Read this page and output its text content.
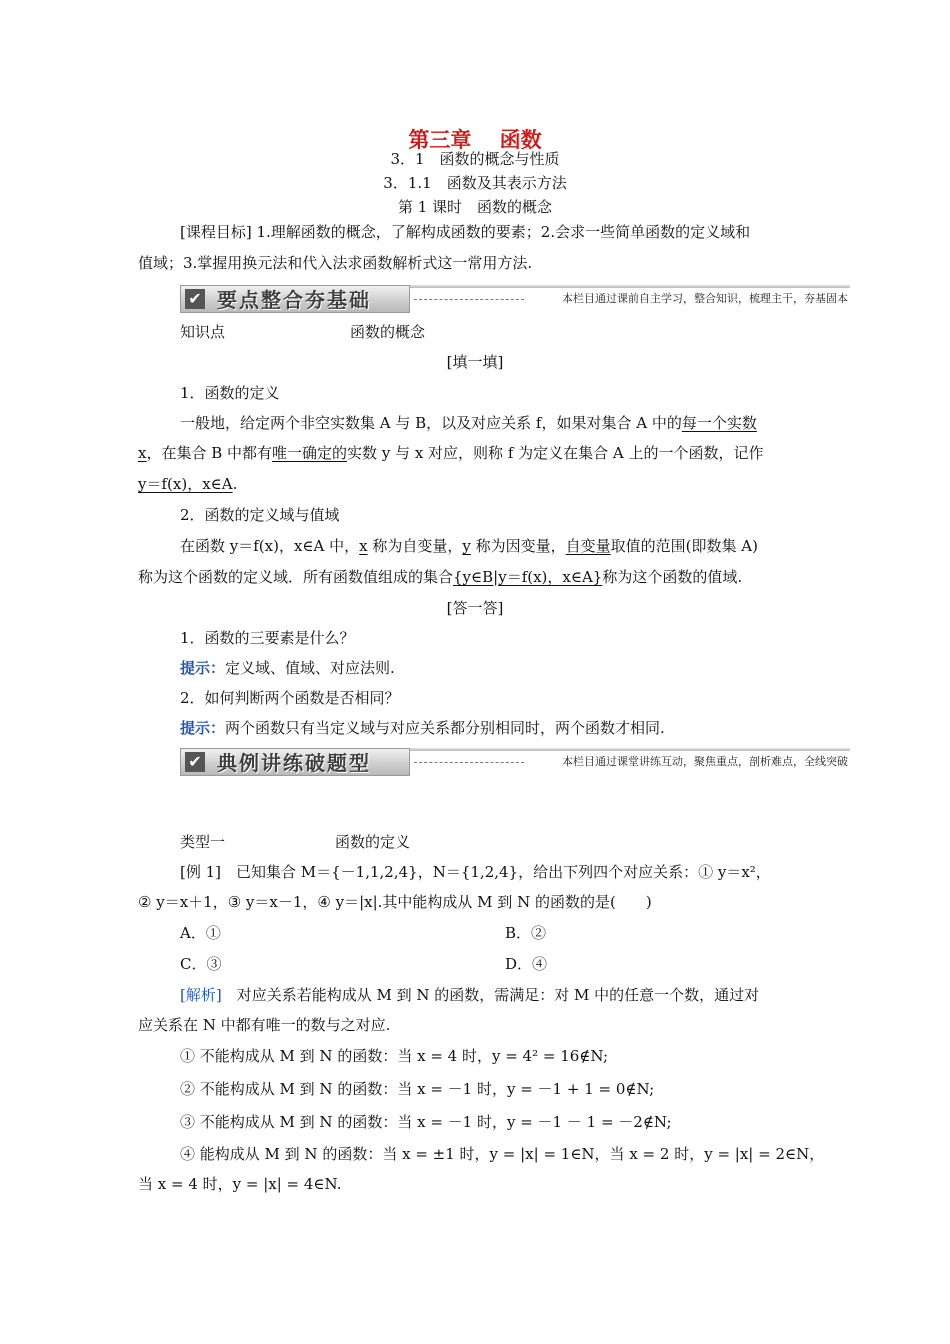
第三章　 函数
3．1　函数的概念与性质
3．1.1　函数及其表示方法
第 1 课时　函数的概念
[课程目标] 1.理解函数的概念，了解构成函数的要素；2.会求一些简单函数的定义域和
值域；3.掌握用换元法和代入法求函数解析式这一常用方法.
✔ 要点整合夯基础	本栏目通过课前自主学习，整合知识，梳理主干，夯基固本
知识点	函数的概念
[填一填]
1．函数的定义
一般地，给定两个非空实数集 A 与 B，以及对应关系 f，如果对集合 A 中的每一个实数
x，在集合 B 中都有唯一确定的实数 y 与 x 对应，则称 f 为定义在集合 A 上的一个函数，记作
y＝f(x)，x∈A.
2．函数的定义域与值域
在函数 y＝f(x)，x∈A 中，x 称为自变量，y 称为因变量，自变量取值的范围(即数集 A)
称为这个函数的定义域．所有函数值组成的集合{y∈B|y＝f(x)，x∈A}称为这个函数的值域.
[答一答]
1．函数的三要素是什么？
提示：定义域、值域、对应法则.
2．如何判断两个函数是否相同？
提示：两个函数只有当定义域与对应关系都分别相同时，两个函数才相同.
✔ 典例讲练破题型	本栏目通过课堂讲练互动，聚焦重点，剖析难点，全线突破
类型一	函数的定义
[例 1]　已知集合 M＝{－1,1,2,4}，N＝{1,2,4}，给出下列四个对应关系：① y＝x²，
② y＝x＋1，③ y＝x－1，④ y＝|x|.其中能构成从 M 到 N 的函数的是(　　)
A．①	B．②
C．③	D．④
[解析]　对应关系若能构成从 M 到 N 的函数，需满足：对 M 中的任意一个数，通过对
应关系在 N 中都有唯一的数与之对应.
① 不能构成从 M 到 N 的函数：当 x = 4 时，y = 4² = 16∉N;
② 不能构成从 M 到 N 的函数：当 x = －1 时，y = －1 + 1 = 0∉N;
③ 不能构成从 M 到 N 的函数：当 x = －1 时，y = －1 － 1 = －2∉N;
④ 能构成从 M 到 N 的函数：当 x = ±1 时，y = |x| = 1∈N，当 x = 2 时，y = |x| = 2∈N，
当 x = 4 时，y = |x| = 4∈N.
